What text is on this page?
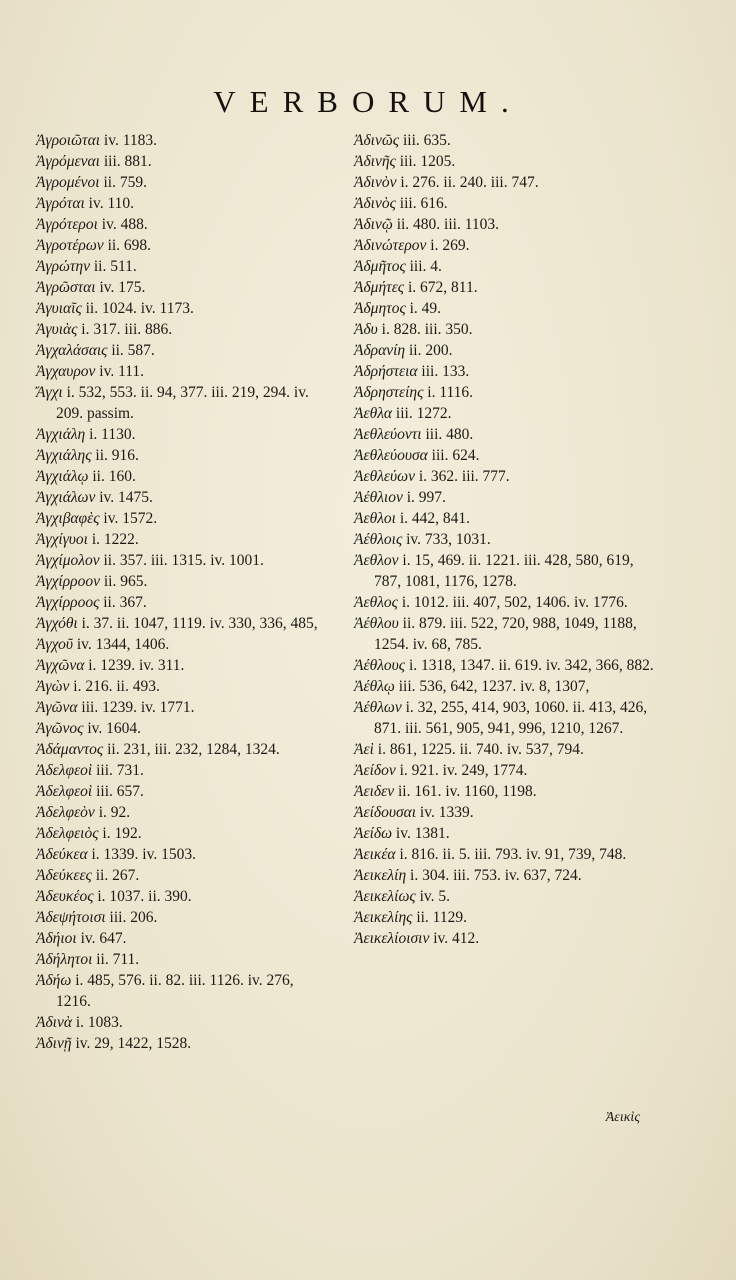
VERBORUM.

Ἀγροιῶται iv. 1183.

Ἀγρόμεναι iii. 881.

Ἀγρομένοι ii. 759.

Ἀγρόται iv. 110.

Ἀγρότεροι iv. 488.

Ἀγροτέρων ii. 698.

Ἀγρώτην ii. 511.

Ἀγρῶσται iv. 175.

Ἀγυιαῖς ii. 1024. iv. 1173.

Ἀγυιὰς i. 317. iii. 886.

Ἀγχαλάσαις ii. 587.

Ἀγχαυρον iv. 111.

Ἄγχι i. 532, 553. ii. 94, 377. iii. 219, 294. iv. 209. passim.

Ἀγχιάλη i. 1130.

Ἀγχιάλης ii. 916.

Ἀγχιάλῳ ii. 160.

Ἀγχιάλων iv. 1475.

Ἀγχιβαφὲς iv. 1572.

Ἀγχίγυοι i. 1222.

Ἀγχίμολον ii. 357. iii. 1315. iv. 1001.

Ἀγχίρροον ii. 965.

Ἀγχίρροος ii. 367.

Ἀγχόθι i. 37. ii. 1047, 1119. iv. 330, 336, 485,

Ἀγχοῦ iv. 1344, 1406.

Ἀγχῶνα i. 1239. iv. 311.

Ἀγὼν i. 216. ii. 493.

Ἀγῶνα iii. 1239. iv. 1771.

Ἀγῶνος iv. 1604.

Ἀδάμαντος ii. 231, iii. 232, 1284, 1324.

Ἀδελφεοὶ iii. 731.

Ἀδελφεοὶ iii. 657.

Ἀδελφεὸν i. 92.

Ἀδελφειὸς i. 192.

Ἀδεύκεα i. 1339. iv. 1503.

Ἀδεύκεες ii. 267.

Ἀδευκέος i. 1037. ii. 390.

Ἀδεψήτοισι iii. 206.

Ἀδήιοι iv. 647.

Ἀδήλητοι ii. 711.

Ἀδήω i. 485, 576. ii. 82. iii. 1126. iv. 276, 1216.

Ἀδινὰ i. 1083.

Ἀδινῇ iv. 29, 1422, 1528.

Ἀδινῶς iii. 635.

Ἀδινῆς iii. 1205.

Ἀδινὸν i. 276. ii. 240. iii. 747.

Ἀδινὸς iii. 616.

Ἀδινῷ ii. 480. iii. 1103.

Ἀδινώτερον i. 269.

Ἀδμῆτος iii. 4.

Ἀδμήτες i. 672, 811.

Ἀδμητος i. 49.

Ἀδυ i. 828. iii. 350.

Ἀδρανίη ii. 200.

Ἀδρήστεια iii. 133.

Ἀδρηστείης i. 1116.

Ἀεθλα iii. 1272.

Ἀεθλεύοντι iii. 480.

Ἀεθλεύουσα iii. 624.

Ἀεθλεύων i. 362. iii. 777.

Ἀέθλιον i. 997.

Ἀεθλοι i. 442, 841.

Ἀέθλοις iv. 733, 1031.

Ἀεθλον i. 15, 469. ii. 1221. iii. 428, 580, 619, 787, 1081, 1176, 1278.

Ἀεθλος i. 1012. iii. 407, 502, 1406. iv. 1776.

Ἀέθλου ii. 879. iii. 522, 720, 988, 1049, 1188, 1254. iv. 68, 785.

Ἀέθλους i. 1318, 1347. ii. 619. iv. 342, 366, 882.

Ἀέθλῳ iii. 536, 642, 1237. iv. 8, 1307,

Ἀέθλων i. 32, 255, 414, 903, 1060. ii. 413, 426, 871. iii. 561, 905, 941, 996, 1210, 1267.

Ἀεὶ i. 861, 1225. ii. 740. iv. 537, 794.

Ἀείδον i. 921. iv. 249, 1774.

Ἀειδεν ii. 161. iv. 1160, 1198.

Ἀείδουσαι iv. 1339.

Ἀείδω iv. 1381.

Ἀεικέα i. 816. ii. 5. iii. 793. iv. 91, 739, 748.

Ἀεικελίη i. 304. iii. 753. iv. 637, 724.

Ἀεικελίως iv. 5.

Ἀεικελίης ii. 1129.

Ἀεικελίοισιν iv. 412.

Ἀεικὶς
